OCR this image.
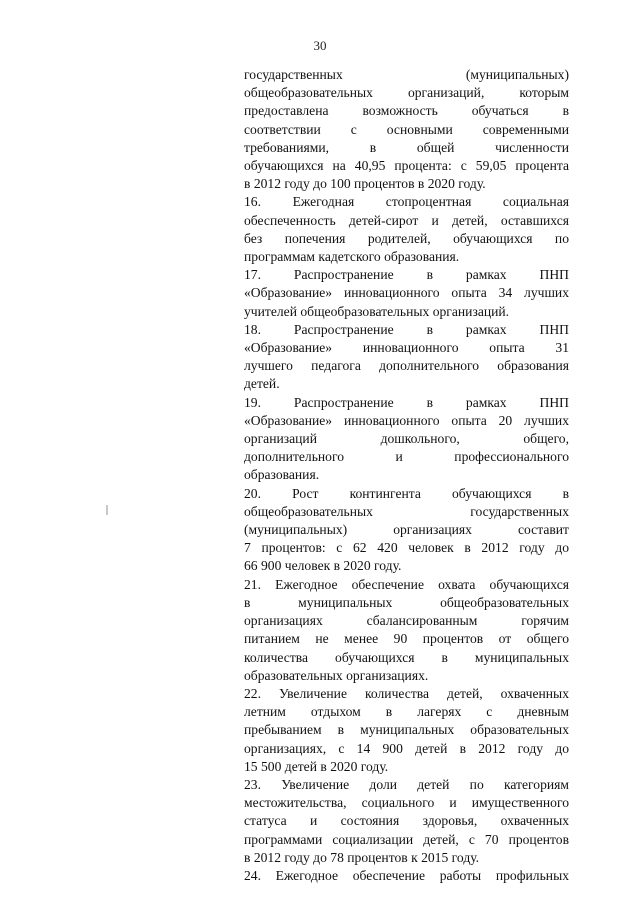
30
государственных (муниципальных)
общеобразовательных организаций, которым
предоставлена возможность обучаться в
соответствии с основными современными
требованиями, в общей численности
обучающихся на 40,95 процента: с 59,05 процента
в 2012 году до 100 процентов в 2020 году.
16. Ежегодная стопроцентная социальная
обеспеченность детей-сирот и детей, оставшихся
без попечения родителей, обучающихся по
программам кадетского образования.
17. Распространение в рамках ПНП
«Образование» инновационного опыта 34 лучших
учителей общеобразовательных организаций.
18. Распространение в рамках ПНП
«Образование» инновационного опыта 31
лучшего педагога дополнительного образования
детей.
19. Распространение в рамках ПНП
«Образование» инновационного опыта 20 лучших
организаций дошкольного, общего,
дополнительного и профессионального
образования.
20. Рост контингента обучающихся в
общеобразовательных государственных
(муниципальных) организациях составит
7 процентов: с 62 420 человек в 2012 году до
66 900 человек в 2020 году.
21. Ежегодное обеспечение охвата обучающихся
в муниципальных общеобразовательных
организациях сбалансированным горячим
питанием не менее 90 процентов от общего
количества обучающихся в муниципальных
образовательных организациях.
22. Увеличение количества детей, охваченных
летним отдыхом в лагерях с дневным
пребыванием в муниципальных образовательных
организациях, с 14 900 детей в 2012 году до
15 500 детей в 2020 году.
23. Увеличение доли детей по категориям
местожительства, социального и имущественного
статуса и состояния здоровья, охваченных
программами социализации детей, с 70 процентов
в 2012 году до 78 процентов к 2015 году.
24. Ежегодное обеспечение работы профильных
